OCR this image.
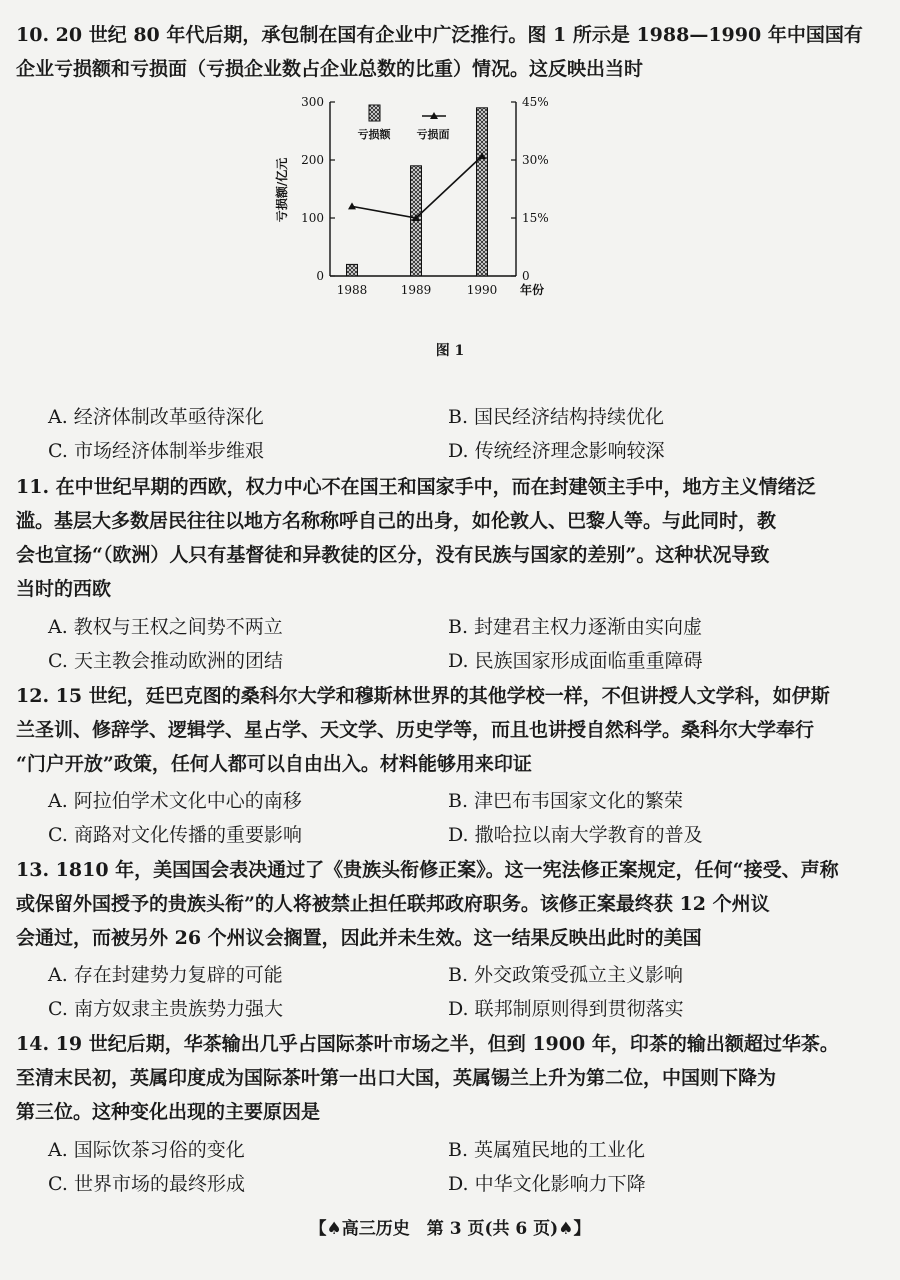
10. 20 世纪 80 年代后期，承包制在国有企业中广泛推行。图 1 所示是 1988—1990 年中国国有
企业亏损额和亏损面（亏损企业数占企业总数的比重）情况。这反映出当时
0
100
200
300
0
15%
30%
45%
亏损额/亿元
1988	1989	1990 年份
亏损额 亏损面
图 1
A. 经济体制改革亟待深化	B. 国民经济结构持续优化
C. 市场经济体制举步维艰	D. 传统经济理念影响较深
11. 在中世纪早期的西欧，权力中心不在国王和国家手中，而在封建领主手中，地方主义情绪泛
滥。基层大多数居民往往以地方名称称呼自己的出身，如伦敦人、巴黎人等。与此同时，教
会也宣扬“（欧洲）人只有基督徒和异教徒的区分，没有民族与国家的差别”。这种状况导致
当时的西欧
A. 教权与王权之间势不两立	B. 封建君主权力逐渐由实向虚
C. 天主教会推动欧洲的团结	D. 民族国家形成面临重重障碍
12. 15 世纪，廷巴克图的桑科尔大学和穆斯林世界的其他学校一样，不但讲授人文学科，如伊斯
兰圣训、修辞学、逻辑学、星占学、天文学、历史学等，而且也讲授自然科学。桑科尔大学奉行
“门户开放”政策，任何人都可以自由出入。材料能够用来印证
A. 阿拉伯学术文化中心的南移	B. 津巴布韦国家文化的繁荣
C. 商路对文化传播的重要影响	D. 撒哈拉以南大学教育的普及
13. 1810 年，美国国会表决通过了《贵族头衔修正案》。这一宪法修正案规定，任何“接受、声称
或保留外国授予的贵族头衔”的人将被禁止担任联邦政府职务。该修正案最终获 12 个州议
会通过，而被另外 26 个州议会搁置，因此并未生效。这一结果反映出此时的美国
A. 存在封建势力复辟的可能	B. 外交政策受孤立主义影响
C. 南方奴隶主贵族势力强大	D. 联邦制原则得到贯彻落实
14. 19 世纪后期，华茶输出几乎占国际茶叶市场之半，但到 1900 年，印茶的输出额超过华茶。
至清末民初，英属印度成为国际茶叶第一出口大国，英属锡兰上升为第二位，中国则下降为
第三位。这种变化出现的主要原因是
A. 国际饮茶习俗的变化	B. 英属殖民地的工业化
C. 世界市场的最终形成	D. 中华文化影响力下降
【♠高三历史　第 3 页(共 6 页)♠】
